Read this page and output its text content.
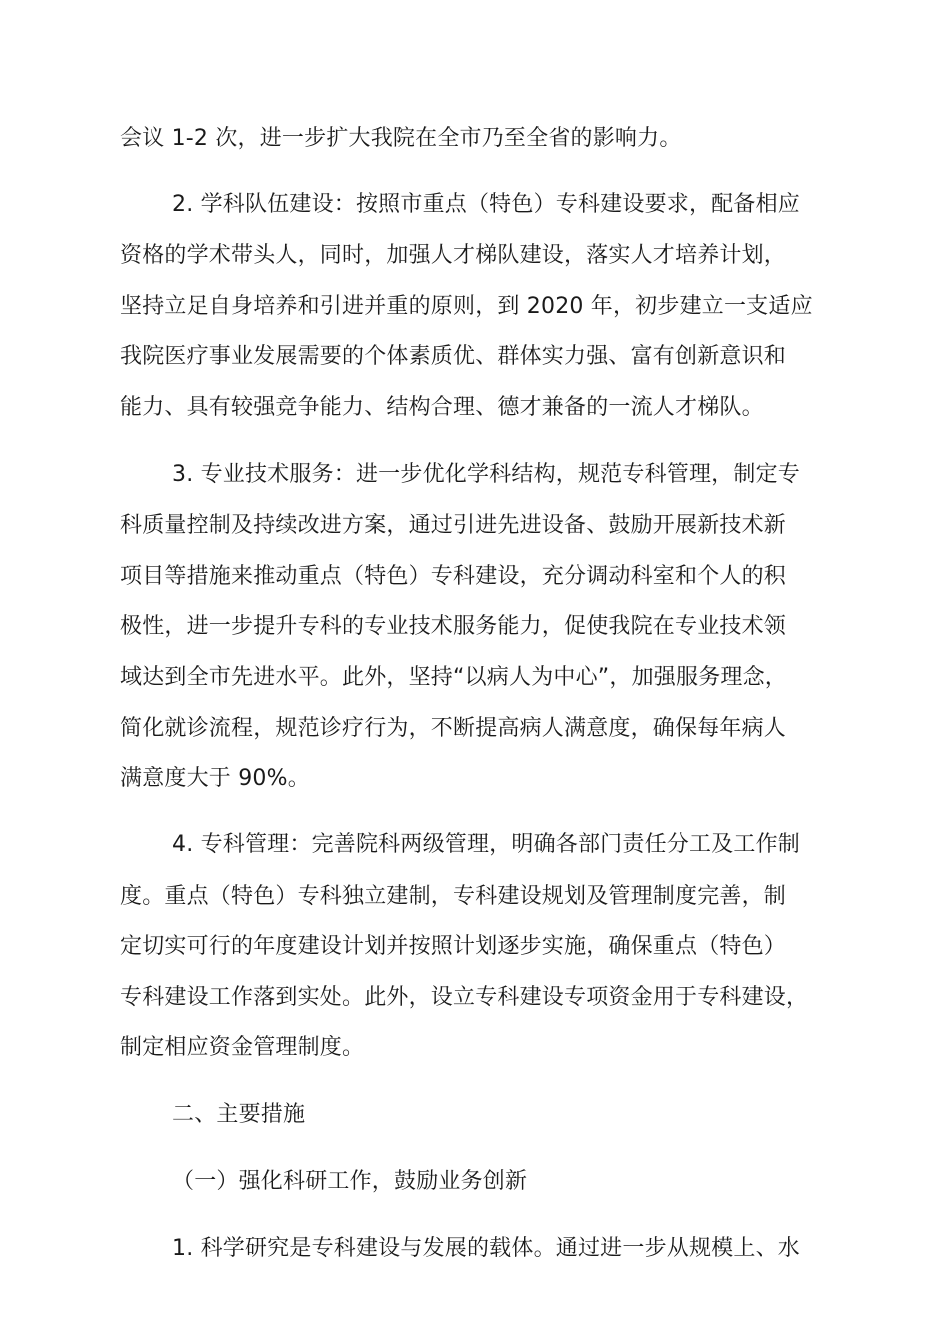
会议 1-2 次，进一步扩大我院在全市乃至全省的影响力。
2. 学科队伍建设：按照市重点（特色）专科建设要求，配备相应
资格的学术带头人，同时，加强人才梯队建设，落实人才培养计划，
坚持立足自身培养和引进并重的原则，到 2020 年，初步建立一支适应
我院医疗事业发展需要的个体素质优、群体实力强、富有创新意识和
能力、具有较强竞争能力、结构合理、德才兼备的一流人才梯队。
3. 专业技术服务：进一步优化学科结构，规范专科管理，制定专
科质量控制及持续改进方案，通过引进先进设备、鼓励开展新技术新
项目等措施来推动重点（特色）专科建设，充分调动科室和个人的积
极性，进一步提升专科的专业技术服务能力，促使我院在专业技术领
域达到全市先进水平。此外，坚持“以病人为中心”，加强服务理念，
简化就诊流程，规范诊疗行为，不断提高病人满意度，确保每年病人
满意度大于 90%。
4. 专科管理：完善院科两级管理，明确各部门责任分工及工作制
度。重点（特色）专科独立建制，专科建设规划及管理制度完善，制
定切实可行的年度建设计划并按照计划逐步实施，确保重点（特色）
专科建设工作落到实处。此外，设立专科建设专项资金用于专科建设，
制定相应资金管理制度。
二、主要措施
（一）强化科研工作，鼓励业务创新
1. 科学研究是专科建设与发展的载体。通过进一步从规模上、水
